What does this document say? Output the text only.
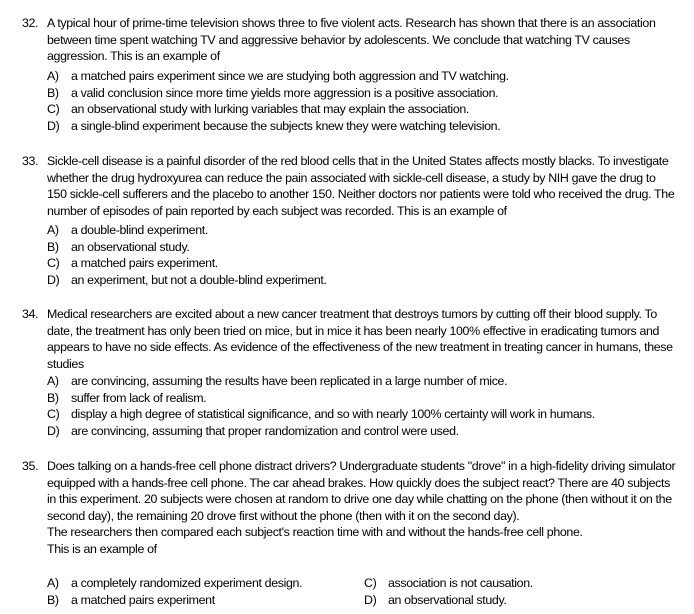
32. A typical hour of prime-time television shows three to five violent acts. Research has shown that there is an association between time spent watching TV and aggressive behavior by adolescents. We conclude that watching TV causes aggression. This is an example of

A) a matched pairs experiment since we are studying both aggression and TV watching.
B) a valid conclusion since more time yields more aggression is a positive association.
C) an observational study with lurking variables that may explain the association.
D) a single-blind experiment because the subjects knew they were watching television.
33. Sickle-cell disease is a painful disorder of the red blood cells that in the United States affects mostly blacks. To investigate whether the drug hydroxyurea can reduce the pain associated with sickle-cell disease, a study by NIH gave the drug to 150 sickle-cell sufferers and the placebo to another 150. Neither doctors nor patients were told who received the drug. The number of episodes of pain reported by each subject was recorded. This is an example of

A) a double-blind experiment.
B) an observational study.
C) a matched pairs experiment.
D) an experiment, but not a double-blind experiment.
34. Medical researchers are excited about a new cancer treatment that destroys tumors by cutting off their blood supply. To date, the treatment has only been tried on mice, but in mice it has been nearly 100% effective in eradicating tumors and appears to have no side effects. As evidence of the effectiveness of the new treatment in treating cancer in humans, these studies

A) are convincing, assuming the results have been replicated in a large number of mice.
B) suffer from lack of realism.
C) display a high degree of statistical significance, and so with nearly 100% certainty will work in humans.
D) are convincing, assuming that proper randomization and control were used.
35. Does talking on a hands-free cell phone distract drivers? Undergraduate students "drove" in a high-fidelity driving simulator equipped with a hands-free cell phone. The car ahead brakes. How quickly does the subject react? There are 40 subjects in this experiment. 20 subjects were chosen at random to drive one day while chatting on the phone (then without it on the second day), the remaining 20 drove first without the phone (then with it on the second day).

The researchers then compared each subject's reaction time with and without the hands-free cell phone.

This is an example of

A) a completely randomized experiment design.
B) a matched pairs experiment
C) association is not causation.
D) an observational study.
